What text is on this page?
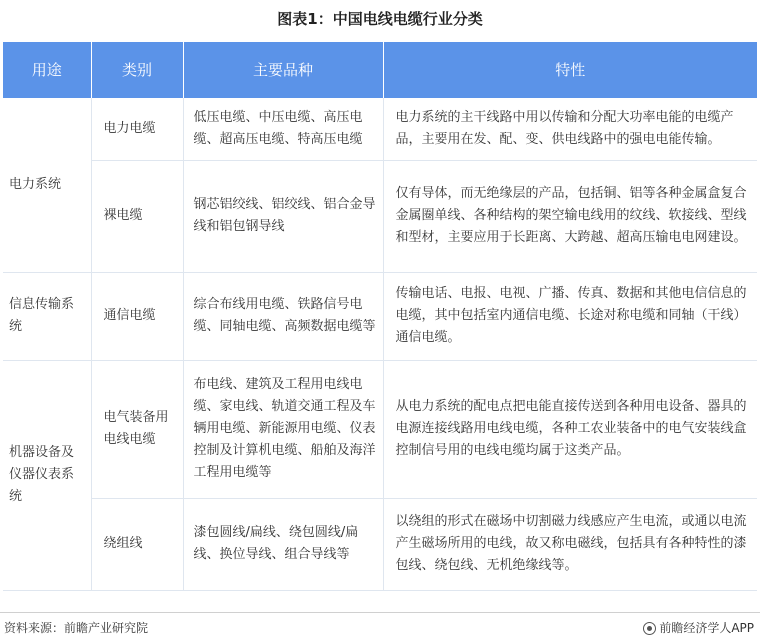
图表1：中国电线电缆行业分类
用途	类别	主要品种	特性
电力系统	电力电缆	低压电缆、中压电缆、高压电缆、超高压电缆、特高压电缆	电力系统的主干线路中用以传输和分配大功率电能的电缆产品，主要用在发、配、变、供电线路中的强电电能传输。
	裸电缆	钢芯铝绞线、铝绞线、铝合金导线和铝包钢导线	仅有导体，而无绝缘层的产品，包括铜、铝等各种金属盒复合金属圈单线、各种结构的架空输电线用的纹线、软接线、型线和型材，主要应用于长距离、大跨越、超高压输电电网建设。
信息传输系统	通信电缆	综合布线用电缆、铁路信号电缆、同轴电缆、高频数据电缆等	传输电话、电报、电视、广播、传真、数据和其他电信信息的电缆，其中包括室内通信电缆、长途对称电缆和同轴（干线）通信电缆。
机器设备及仪器仪表系统	电气装备用电线电缆	布电线、建筑及工程用电线电缆、家电线、轨道交通工程及车辆用电缆、新能源用电缆、仪表控制及计算机电缆、船舶及海洋工程用电缆等	从电力系统的配电点把电能直接传送到各种用电设备、器具的电源连接线路用电线电缆，各种工农业装备中的电气安装线盒控制信号用的电线电缆均属于这类产品。
	绕组线	漆包圆线/扁线、绕包圆线/扁线、换位导线、组合导线等	以绕组的形式在磁场中切割磁力线感应产生电流，或通以电流产生磁场所用的电线，故又称电磁线，包括具有各种特性的漆包线、绕包线、无机绝缘线等。
资料来源：前瞻产业研究院	前瞻经济学人APP
